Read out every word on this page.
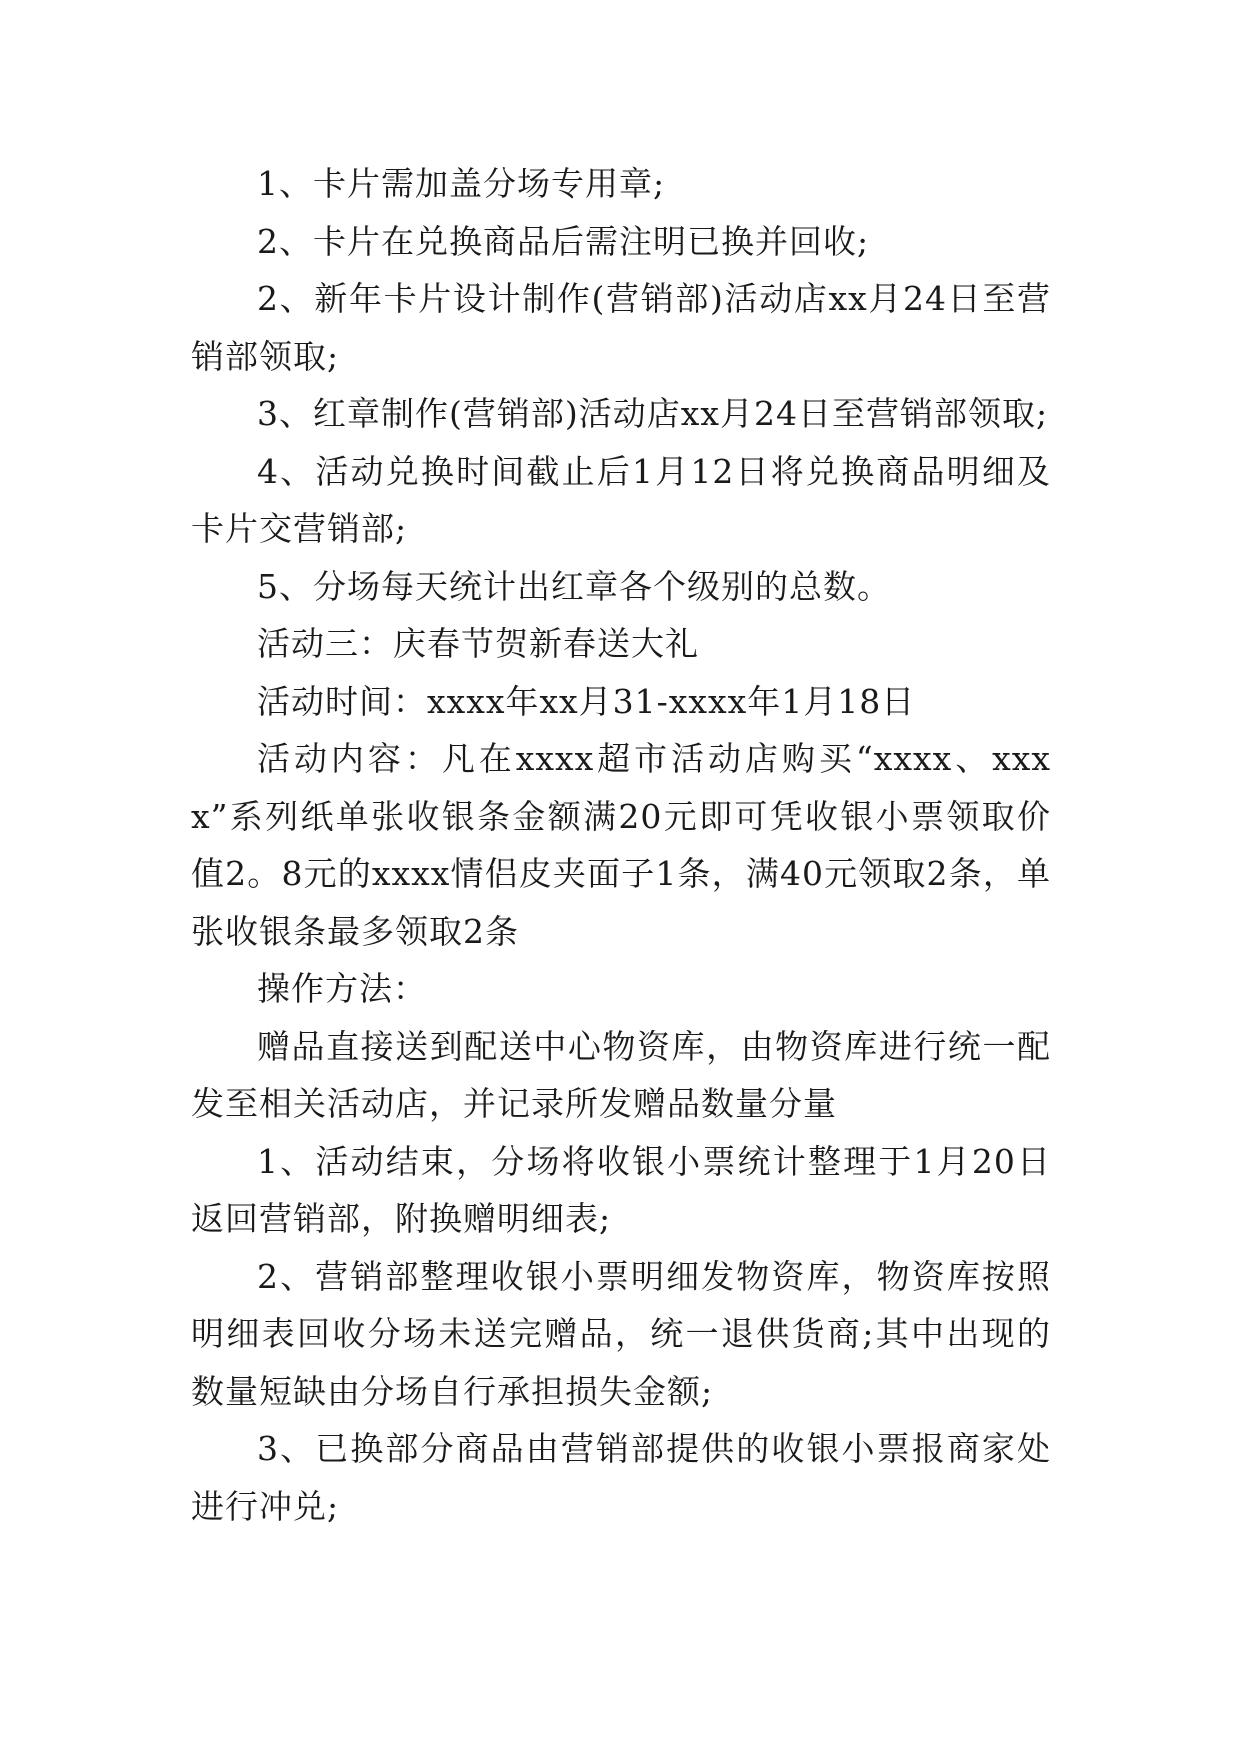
1、卡片需加盖分场专用章;

2、卡片在兑换商品后需注明已换并回收;

2、新年卡片设计制作(营销部)活动店xx月24日至营销部领取;

3、红章制作(营销部)活动店xx月24日至营销部领取;

4、活动兑换时间截止后1月12日将兑换商品明细及卡片交营销部;

5、分场每天统计出红章各个级别的总数。

活动三：庆春节贺新春送大礼

活动时间：xxxx年xx月31-xxxx年1月18日

活动内容：凡在xxxx超市活动店购买“xxxx、xxxx”系列纸单张收银条金额满20元即可凭收银小票领取价值2。8元的xxxx情侣皮夹面子1条，满40元领取2条，单张收银条最多领取2条

操作方法：

赠品直接送到配送中心物资库，由物资库进行统一配发至相关活动店，并记录所发赠品数量分量

1、活动结束，分场将收银小票统计整理于1月20日返回营销部，附换赠明细表;

2、营销部整理收银小票明细发物资库，物资库按照明细表回收分场未送完赠品，统一退供货商;其中出现的数量短缺由分场自行承担损失金额;

3、已换部分商品由营销部提供的收银小票报商家处进行冲兑;
